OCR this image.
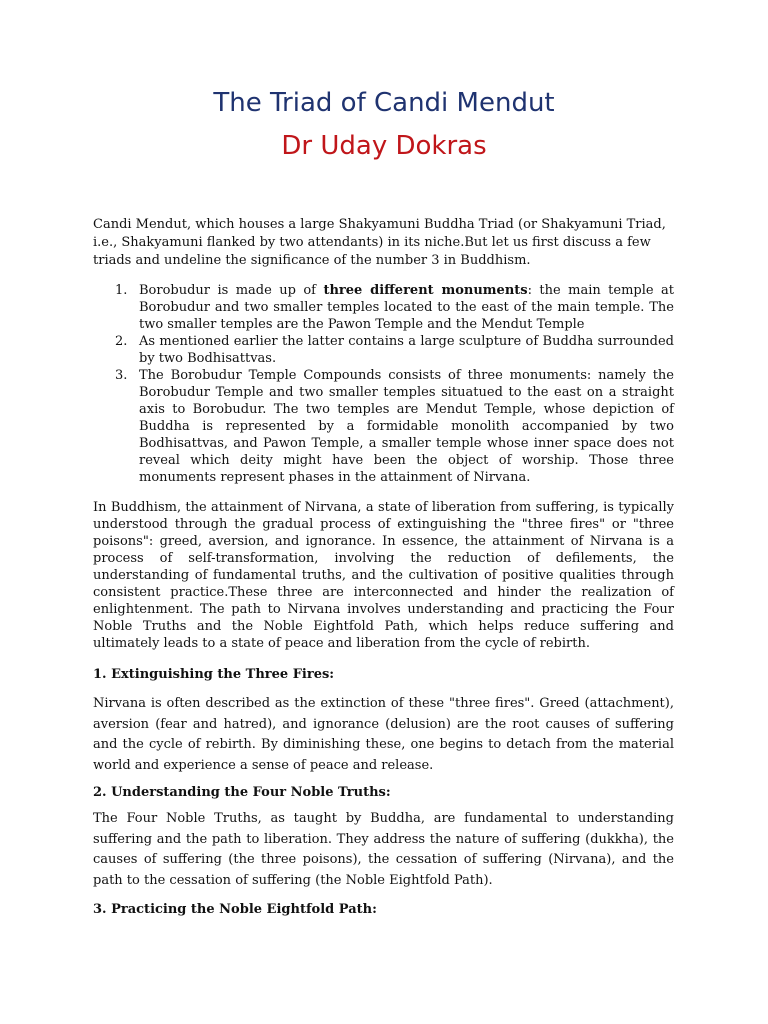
The Triad of Candi Mendut
Dr Uday Dokras

Candi Mendut, which houses a large Shakyamuni Buddha Triad (or Shakyamuni Triad, i.e., Shakyamuni flanked by two attendants) in its niche.But let us first discuss a few triads and undeline the significance of the number 3 in Buddhism.

1. Borobudur is made up of three different monuments: the main temple at Borobudur and two smaller temples located to the east of the main temple. The two smaller temples are the Pawon Temple and the Mendut Temple
2. As mentioned earlier the latter contains a large sculpture of Buddha surrounded by two Bodhisattvas.
3. The Borobudur Temple Compounds consists of three monuments: namely the Borobudur Temple and two smaller temples situatued to the east on a straight axis to Borobudur. The two temples are Mendut Temple, whose depiction of Buddha is represented by a formidable monolith accompanied by two Bodhisattvas, and Pawon Temple, a smaller temple whose inner space does not reveal which deity might have been the object of worship. Those three monuments represent phases in the attainment of Nirvana.

In Buddhism, the attainment of Nirvana, a state of liberation from suffering, is typically understood through the gradual process of extinguishing the "three fires" or "three poisons": greed, aversion, and ignorance. In essence, the attainment of Nirvana is a process of self-transformation, involving the reduction of defilements, the understanding of fundamental truths, and the cultivation of positive qualities through consistent practice.These three are interconnected and hinder the realization of enlightenment. The path to Nirvana involves understanding and practicing the Four Noble Truths and the Noble Eightfold Path, which helps reduce suffering and ultimately leads to a state of peace and liberation from the cycle of rebirth.

1. Extinguishing the Three Fires:

Nirvana is often described as the extinction of these "three fires". Greed (attachment), aversion (fear and hatred), and ignorance (delusion) are the root causes of suffering and the cycle of rebirth. By diminishing these, one begins to detach from the material world and experience a sense of peace and release.

2. Understanding the Four Noble Truths:

The Four Noble Truths, as taught by Buddha, are fundamental to understanding suffering and the path to liberation. They address the nature of suffering (dukkha), the causes of suffering (the three poisons), the cessation of suffering (Nirvana), and the path to the cessation of suffering (the Noble Eightfold Path).

3. Practicing the Noble Eightfold Path:
